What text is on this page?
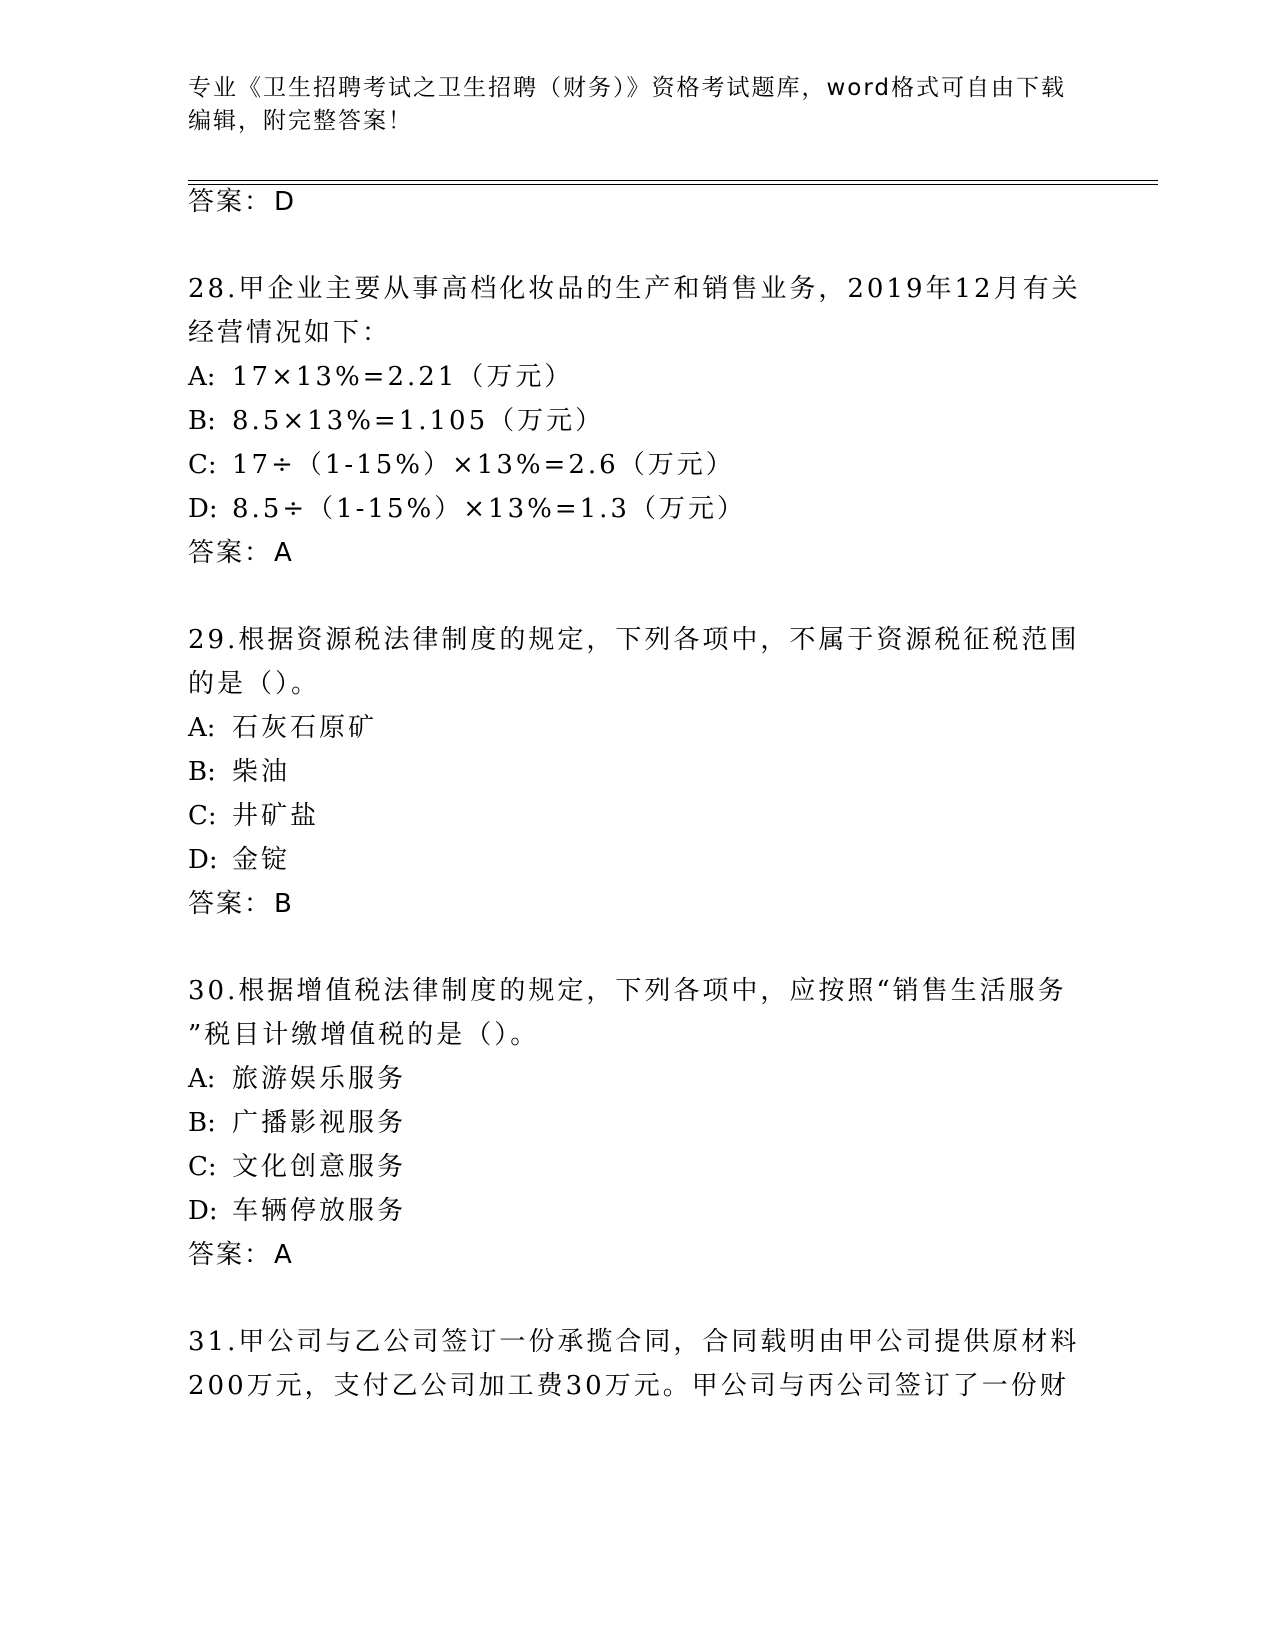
专业《卫生招聘考试之卫生招聘（财务）》资格考试题库，word格式可自由下载编辑，附完整答案！
答案：D
28.甲企业主要从事高档化妆品的生产和销售业务，2019年12月有关
经营情况如下：
A: 17×13%=2.21（万元）
B: 8.5×13%=1.105（万元）
C: 17÷（1-15%）×13%=2.6（万元）
D: 8.5÷（1-15%）×13%=1.3（万元）
答案：A
29.根据资源税法律制度的规定，下列各项中，不属于资源税征税范围
的是（）。
A: 石灰石原矿
B: 柴油
C: 井矿盐
D: 金锭
答案：B
30.根据增值税法律制度的规定，下列各项中，应按照“销售生活服务
”税目计缴增值税的是（）。
A: 旅游娱乐服务
B: 广播影视服务
C: 文化创意服务
D: 车辆停放服务
答案：A
31.甲公司与乙公司签订一份承揽合同，合同载明由甲公司提供原材料
200万元，支付乙公司加工费30万元。甲公司与丙公司签订了一份财
